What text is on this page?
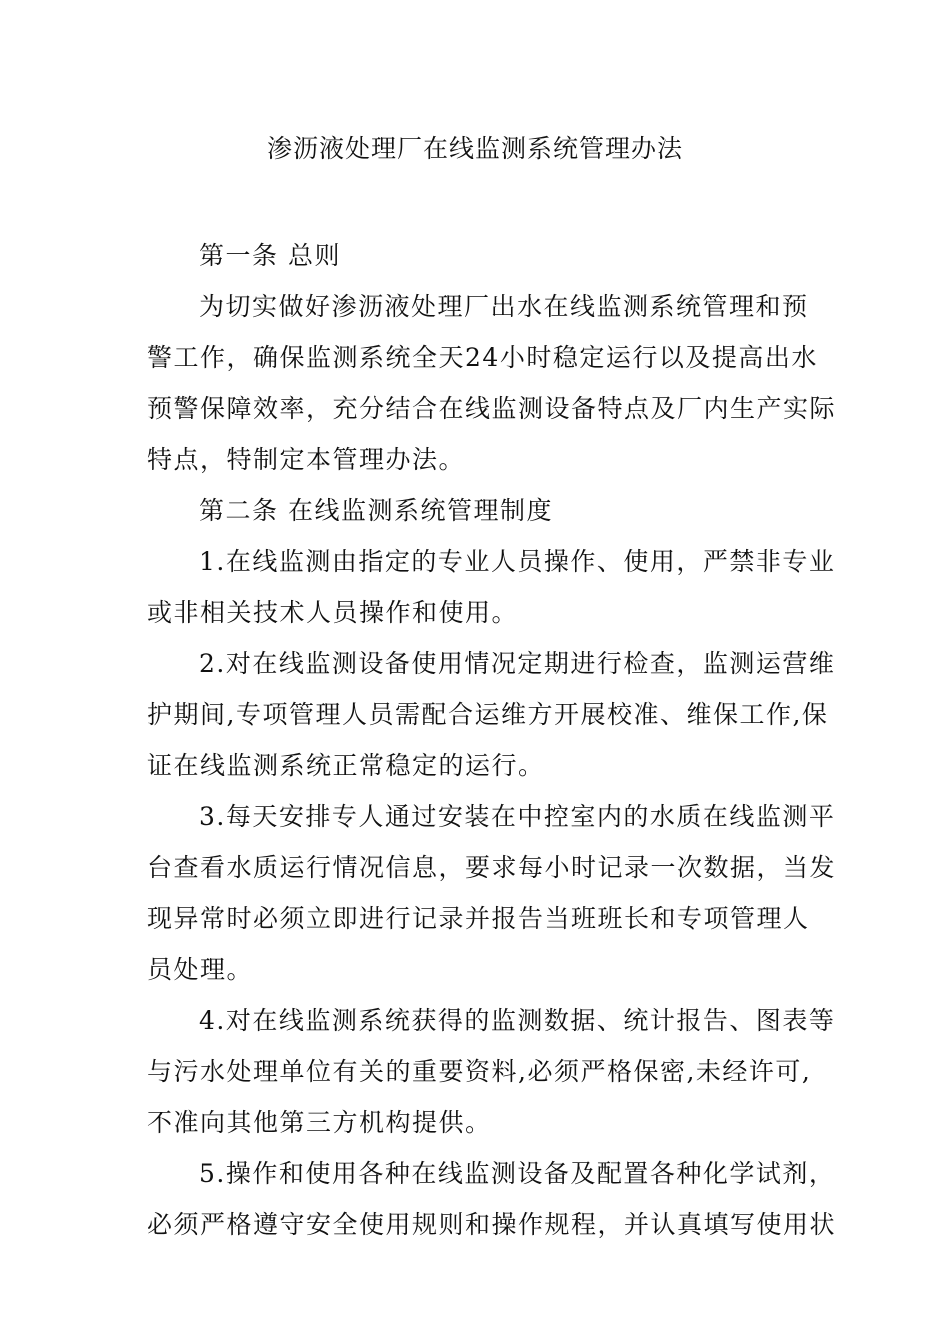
渗沥液处理厂在线监测系统管理办法
第一条 总则
为切实做好渗沥液处理厂出水在线监测系统管理和预
警工作，确保监测系统全天24小时稳定运行以及提高出水
预警保障效率，充分结合在线监测设备特点及厂内生产实际
特点，特制定本管理办法。
第二条 在线监测系统管理制度
1.在线监测由指定的专业人员操作、使用，严禁非专业
或非相关技术人员操作和使用。
2.对在线监测设备使用情况定期进行检查，监测运营维
护期间,专项管理人员需配合运维方开展校准、维保工作,保
证在线监测系统正常稳定的运行。
3.每天安排专人通过安装在中控室内的水质在线监测平
台查看水质运行情况信息，要求每小时记录一次数据，当发
现异常时必须立即进行记录并报告当班班长和专项管理人
员处理。
4.对在线监测系统获得的监测数据、统计报告、图表等
与污水处理单位有关的重要资料,必须严格保密,未经许可,
不准向其他第三方机构提供。
5.操作和使用各种在线监测设备及配置各种化学试剂，
必须严格遵守安全使用规则和操作规程，并认真填写使用状
